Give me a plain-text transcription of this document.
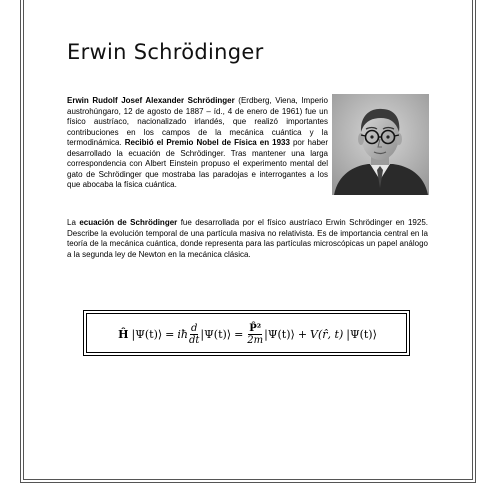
Erwin Schrödinger

Erwin Rudolf Josef Alexander Schrödinger (Erdberg, Viena, Imperio austrohúngaro, 12 de agosto de 1887 – íd., 4 de enero de 1961) fue un físico austríaco, nacionalizado irlandés, que realizó importantes contribuciones en los campos de la mecánica cuántica y la termodinámica. Recibió el Premio Nobel de Física en 1933 por haber desarrollado la ecuación de Schrödinger. Tras mantener una larga correspondencia con Albert Einstein propuso el experimento mental del gato de Schrödinger que mostraba las paradojas e interrogantes a los que abocaba la física cuántica.

La ecuación de Schrödinger fue desarrollada por el físico austríaco Erwin Schrödinger en 1925. Describe la evolución temporal de una partícula masiva no relativista. Es de importancia central en la teoría de la mecánica cuántica, donde representa para las partículas microscópicas un papel análogo a la segunda ley de Newton en la mecánica clásica.

Ĥ |Ψ(t)⟩ = iħ $\frac{d}{dt}$ |Ψ(t)⟩ = $\frac{\text{P̂²}}{2m}$ |Ψ(t)⟩ + V(r̂, t) |Ψ(t)⟩
